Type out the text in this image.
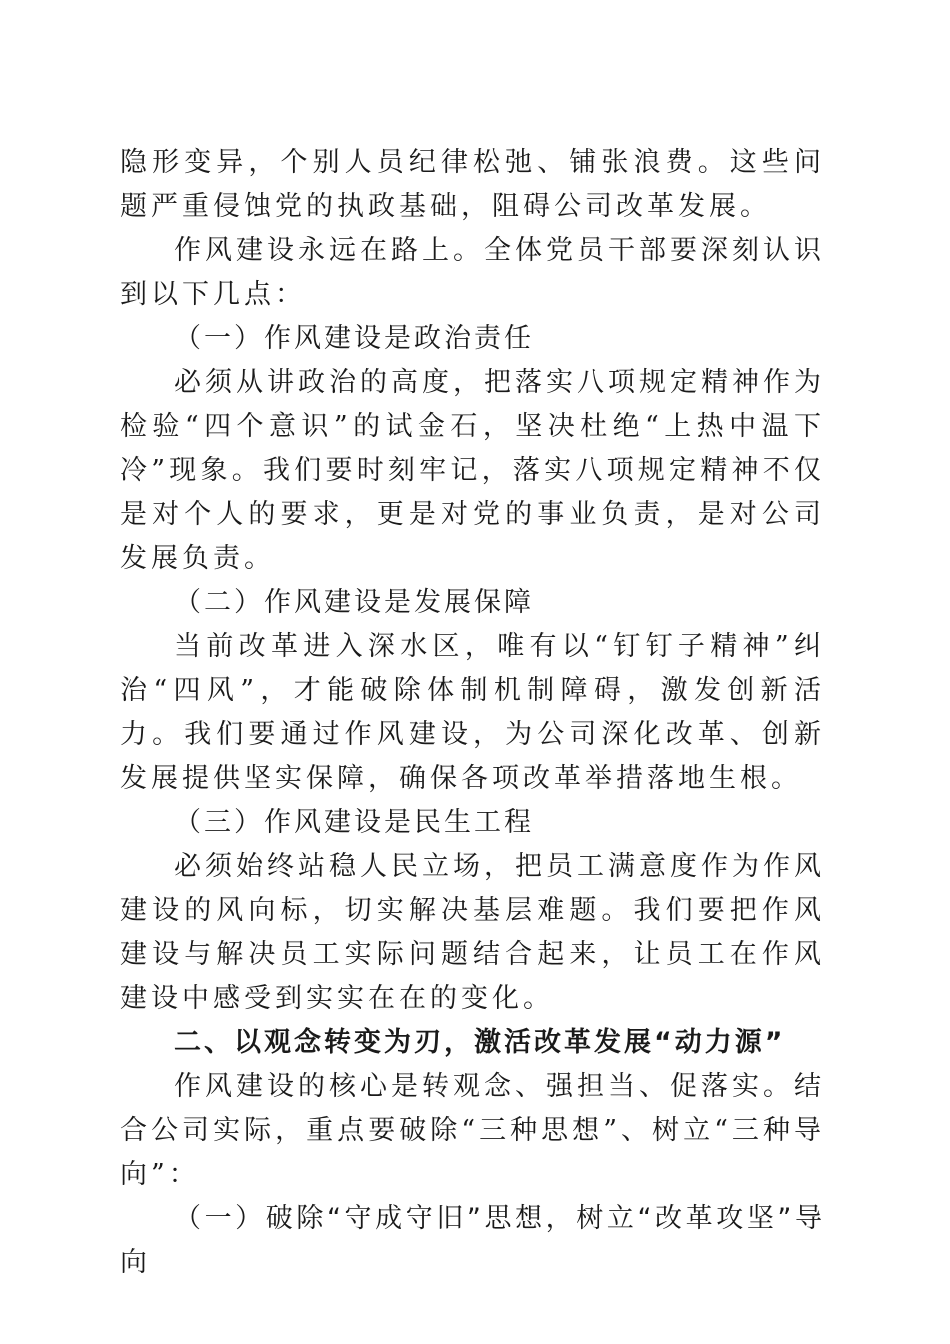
隐形变异，个别人员纪律松弛、铺张浪费。这些问题严重侵蚀党的执政基础，阻碍公司改革发展。

作风建设永远在路上。全体党员干部要深刻认识到以下几点：

（一）作风建设是政治责任

必须从讲政治的高度，把落实八项规定精神作为检验“四个意识”的试金石，坚决杜绝“上热中温下冷”现象。我们要时刻牢记，落实八项规定精神不仅是对个人的要求，更是对党的事业负责，是对公司发展负责。

（二）作风建设是发展保障

当前改革进入深水区，唯有以“钉钉子精神”纠治“四风”，才能破除体制机制障碍，激发创新活力。我们要通过作风建设，为公司深化改革、创新发展提供坚实保障，确保各项改革举措落地生根。

（三）作风建设是民生工程

必须始终站稳人民立场，把员工满意度作为作风建设的风向标，切实解决基层难题。我们要把作风建设与解决员工实际问题结合起来，让员工在作风建设中感受到实实在在的变化。

二、以观念转变为刃，激活改革发展“动力源”

作风建设的核心是转观念、强担当、促落实。结合公司实际，重点要破除“三种思想”、树立“三种导向”：

（一）破除“守成守旧”思想，树立“改革攻坚”导向
